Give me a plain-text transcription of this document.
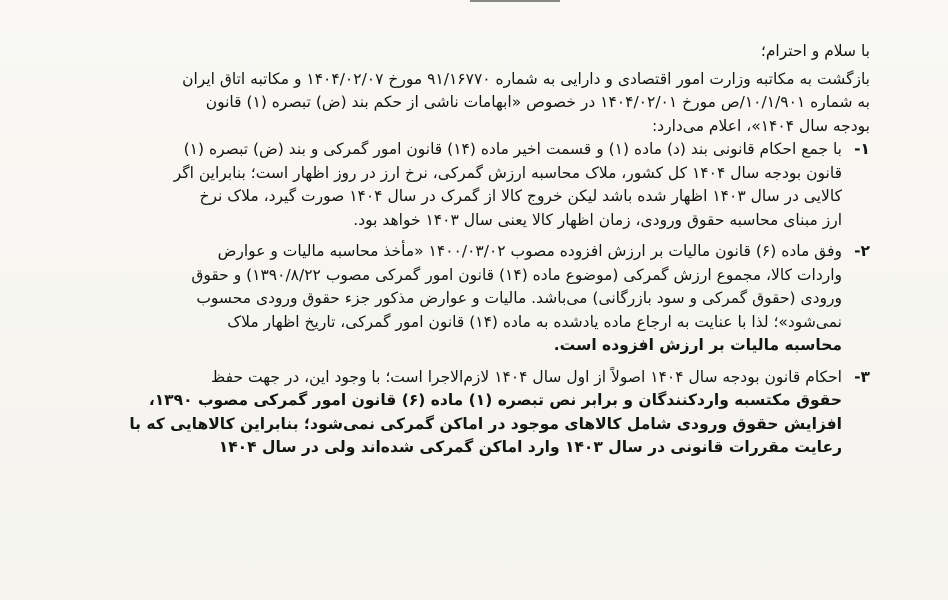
با سلام و احترام؛
بازگشت به مکاتبه وزارت امور اقتصادی و دارایی به شماره ۹۱/۱۶۷۷۰ مورخ ۱۴۰۴/۰۲/۰۷ و مکاتبه اتاق ایران
به شماره ۱۰/۱/۹۰۱/ص مورخ ۱۴۰۴/۰۲/۰۱ در خصوص «ابهامات ناشی از حکم بند (ض) تبصره (۱) قانون
بودجه سال ۱۴۰۴»، اعلام می‌دارد:
۱-با جمع احکام قانونی بند (د) ماده (۱) و قسمت اخیر ماده (۱۴) قانون امور گمرکی و بند (ض) تبصره (۱)
قانون بودجه سال ۱۴۰۴ کل کشور، ملاک محاسبه ارزش گمرکی، نرخ ارز در روز اظهار است؛ بنابراین اگر
کالایی در سال ۱۴۰۳ اظهار شده باشد لیکن خروج کالا از گمرک در سال ۱۴۰۴ صورت گیرد، ملاک نرخ
ارز مبنای محاسبه حقوق ورودی، زمان اظهار کالا یعنی سال ۱۴۰۳ خواهد بود.
۲-وفق ماده (۶) قانون مالیات بر ارزش افزوده مصوب ۱۴۰۰/۰۳/۰۲ «مأخذ محاسبه مالیات و عوارض
واردات کالا، مجموع ارزش گمرکی (موضوع ماده (۱۴) قانون امور گمرکی مصوب ۱۳۹۰/۸/۲۲) و حقوق
ورودی (حقوق گمرکی و سود بازرگانی) می‌باشد. مالیات و عوارض مذکور جزء حقوق ورودی محسوب
نمی‌شود»؛ لذا با عنایت به ارجاع ماده یادشده به ماده (۱۴) قانون امور گمرکی، تاریخ اظهار ملاک
محاسبه مالیات بر ارزش افزوده است.
۳-احکام قانون بودجه سال ۱۴۰۴ اصولاً از اول سال ۱۴۰۴ لازم‌الاجرا است؛ با وجود این، در جهت حفظ
حقوق مکتسبه واردکنندگان و برابر نص تبصره (۱) ماده (۶) قانون امور گمرکی مصوب ۱۳۹۰،
افزایش حقوق ورودی شامل کالاهای موجود در اماکن گمرکی نمی‌شود؛ بنابراین کالاهایی که با
رعایت مقررات قانونی در سال ۱۴۰۳ وارد اماکن گمرکی شده‌اند ولی در سال ۱۴۰۴
